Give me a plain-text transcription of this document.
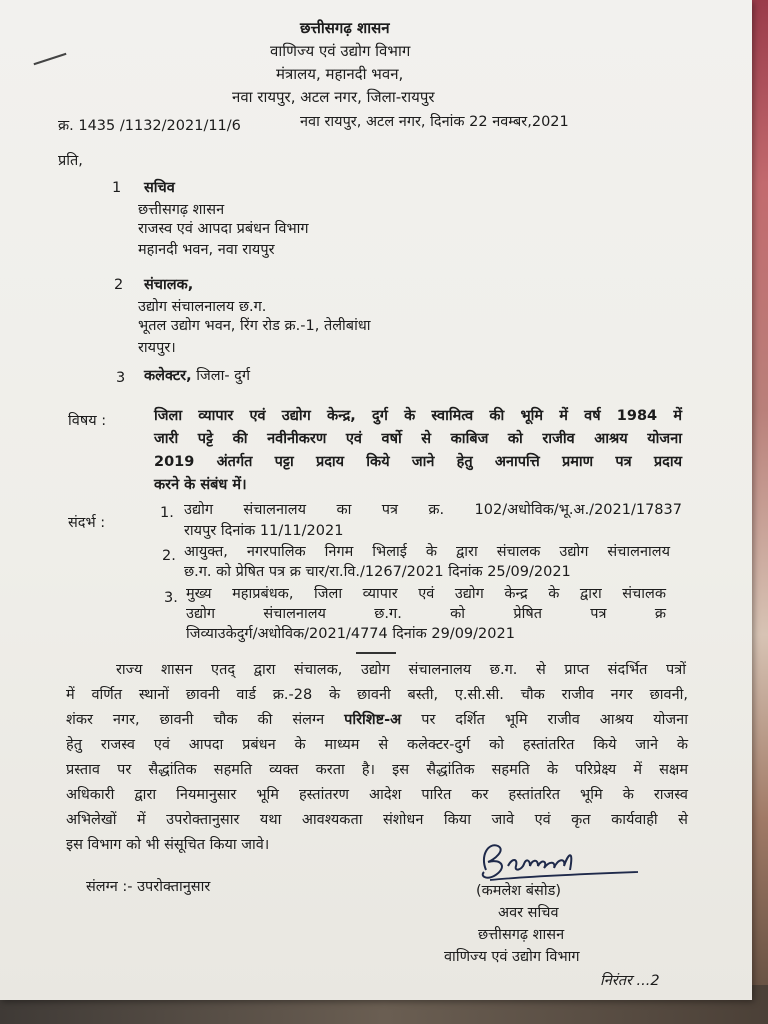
छत्तीसगढ़ शासन
वाणिज्य एवं उद्योग विभाग
मंत्रालय, महानदी भवन,
नवा रायपुर, अटल नगर, जिला-रायपुर
क्र. 1435 /1132/2021/11/6	नवा रायपुर, अटल नगर, दिनांक 22 नवम्बर,2021
प्रति,
1 सचिव
छत्तीसगढ़ शासन
राजस्व एवं आपदा प्रबंधन विभाग
महानदी भवन, नवा रायपुर
2 संचालक,
उद्योग संचालनालय छ.ग.
भूतल उद्योग भवन, रिंग रोड क्र.-1, तेलीबांधा
रायपुर।
3 कलेक्टर, जिला- दुर्ग
विषय :	जिला व्यापार एवं उद्योग केन्द्र, दुर्ग के स्वामित्व की भूमि में वर्ष 1984 में
जारी पट्टे की नवीनीकरण एवं वर्षो से काबिज को राजीव आश्रय योजना
2019 अंतर्गत पट्टा प्रदाय किये जाने हेतु अनापत्ति प्रमाण पत्र प्रदाय
करने के संबंध में।
संदर्भ :
1. उद्योग संचालनालय का पत्र क्र. 102/अधोविक/भू.अ./2021/17837
रायपुर दिनांक 11/11/2021
2. आयुक्त, नगरपालिक निगम भिलाई के द्वारा संचालक उद्योग संचालनालय
छ.ग. को प्रेषित पत्र क्र चार/रा.वि./1267/2021 दिनांक 25/09/2021
3. मुख्य महाप्रबंधक, जिला व्यापार एवं उद्योग केन्द्र के द्वारा संचालक
उद्योग संचालनालय छ.ग. को प्रेषित पत्र क्र
जिव्याउकेदुर्ग/अधोविक/2021/4774 दिनांक 29/09/2021
राज्य शासन एतद् द्वारा संचालक, उद्योग संचालनालय छ.ग. से प्राप्त संदर्भित पत्रों
में वर्णित स्थानों छावनी वार्ड क्र.-28 के छावनी बस्ती, ए.सी.सी. चौक राजीव नगर छावनी,
शंकर नगर, छावनी चौक की संलग्न परिशिष्ट-अ पर दर्शित भूमि राजीव आश्रय योजना
हेतु राजस्व एवं आपदा प्रबंधन के माध्यम से कलेक्टर-दुर्ग को हस्तांतरित किये जाने के
प्रस्ताव पर सैद्धांतिक सहमति व्यक्त करता है। इस सैद्धांतिक सहमति के परिप्रेक्ष्य में सक्षम
अधिकारी द्वारा नियमानुसार भूमि हस्तांतरण आदेश पारित कर हस्तांतरित भूमि के राजस्व
अभिलेखों में उपरोक्तानुसार यथा आवश्यकता संशोधन किया जावे एवं कृत कार्यवाही से
इस विभाग को भी संसूचित किया जावे।
संलग्न :- उपरोक्तानुसार	(कमलेश बंसोड)
अवर सचिव
छत्तीसगढ़ शासन
वाणिज्य एवं उद्योग विभाग
निरंतर ...2
